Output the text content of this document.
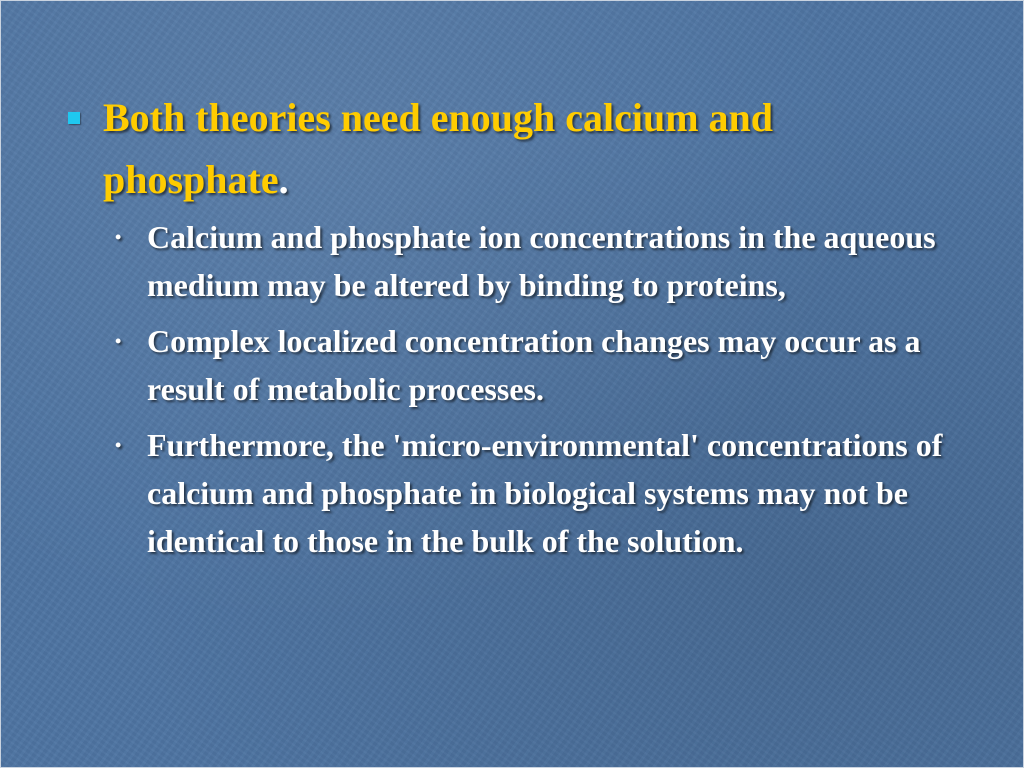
Both theories need enough calcium and phosphate.
• Calcium and phosphate ion concentrations in the aqueous medium may be altered by binding to proteins,
• Complex localized concentration changes may occur as a result of metabolic processes.
• Furthermore, the 'micro-environmental' concentrations of calcium and phosphate in biological systems may not be identical to those in the bulk of the solution.
